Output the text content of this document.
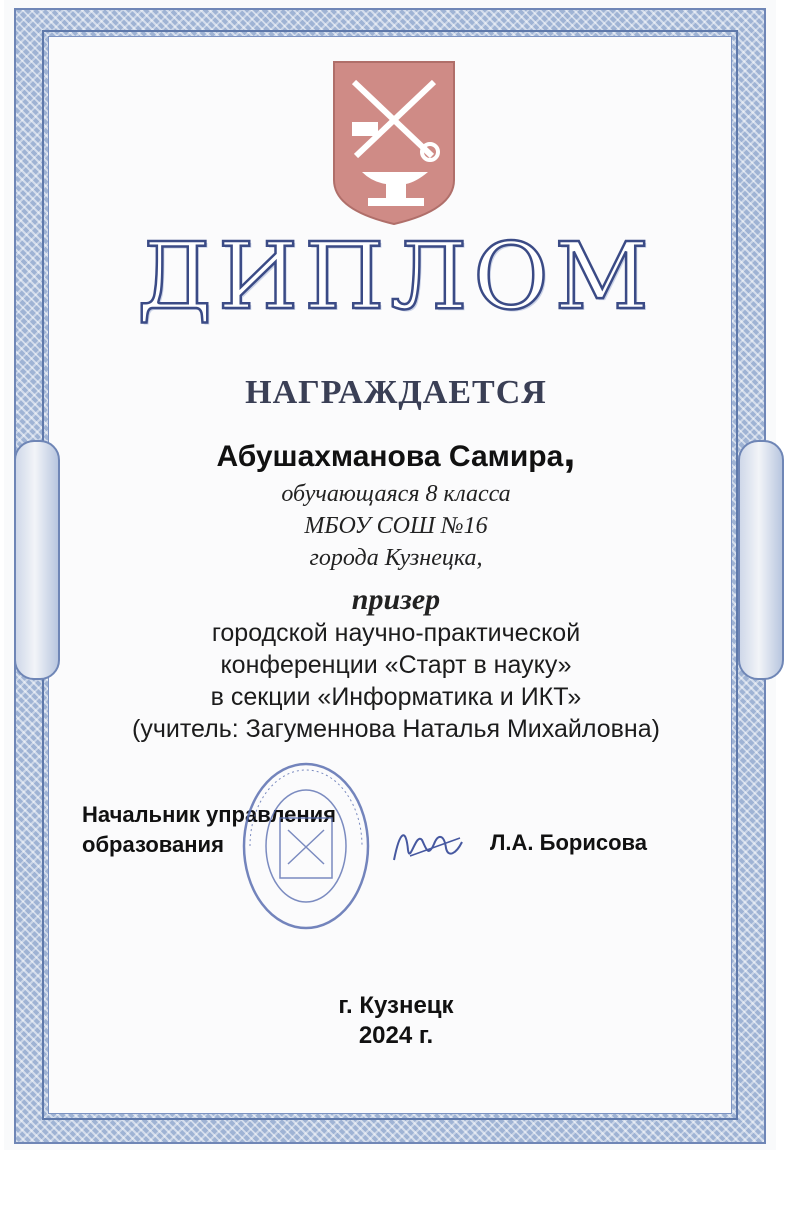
ДИПЛОМ
НАГРАЖДАЕТСЯ
Абушахманова Самира,
обучающаяся 8 класса
МБОУ СОШ №16
города Кузнецка,
призер
городской научно-практической
конференции «Старт в науку»
в секции «Информатика и ИКТ»
(учитель: Загуменнова Наталья Михайловна)
Начальник управления
образования	Л.А. Борисова
г. Кузнецк
2024 г.
